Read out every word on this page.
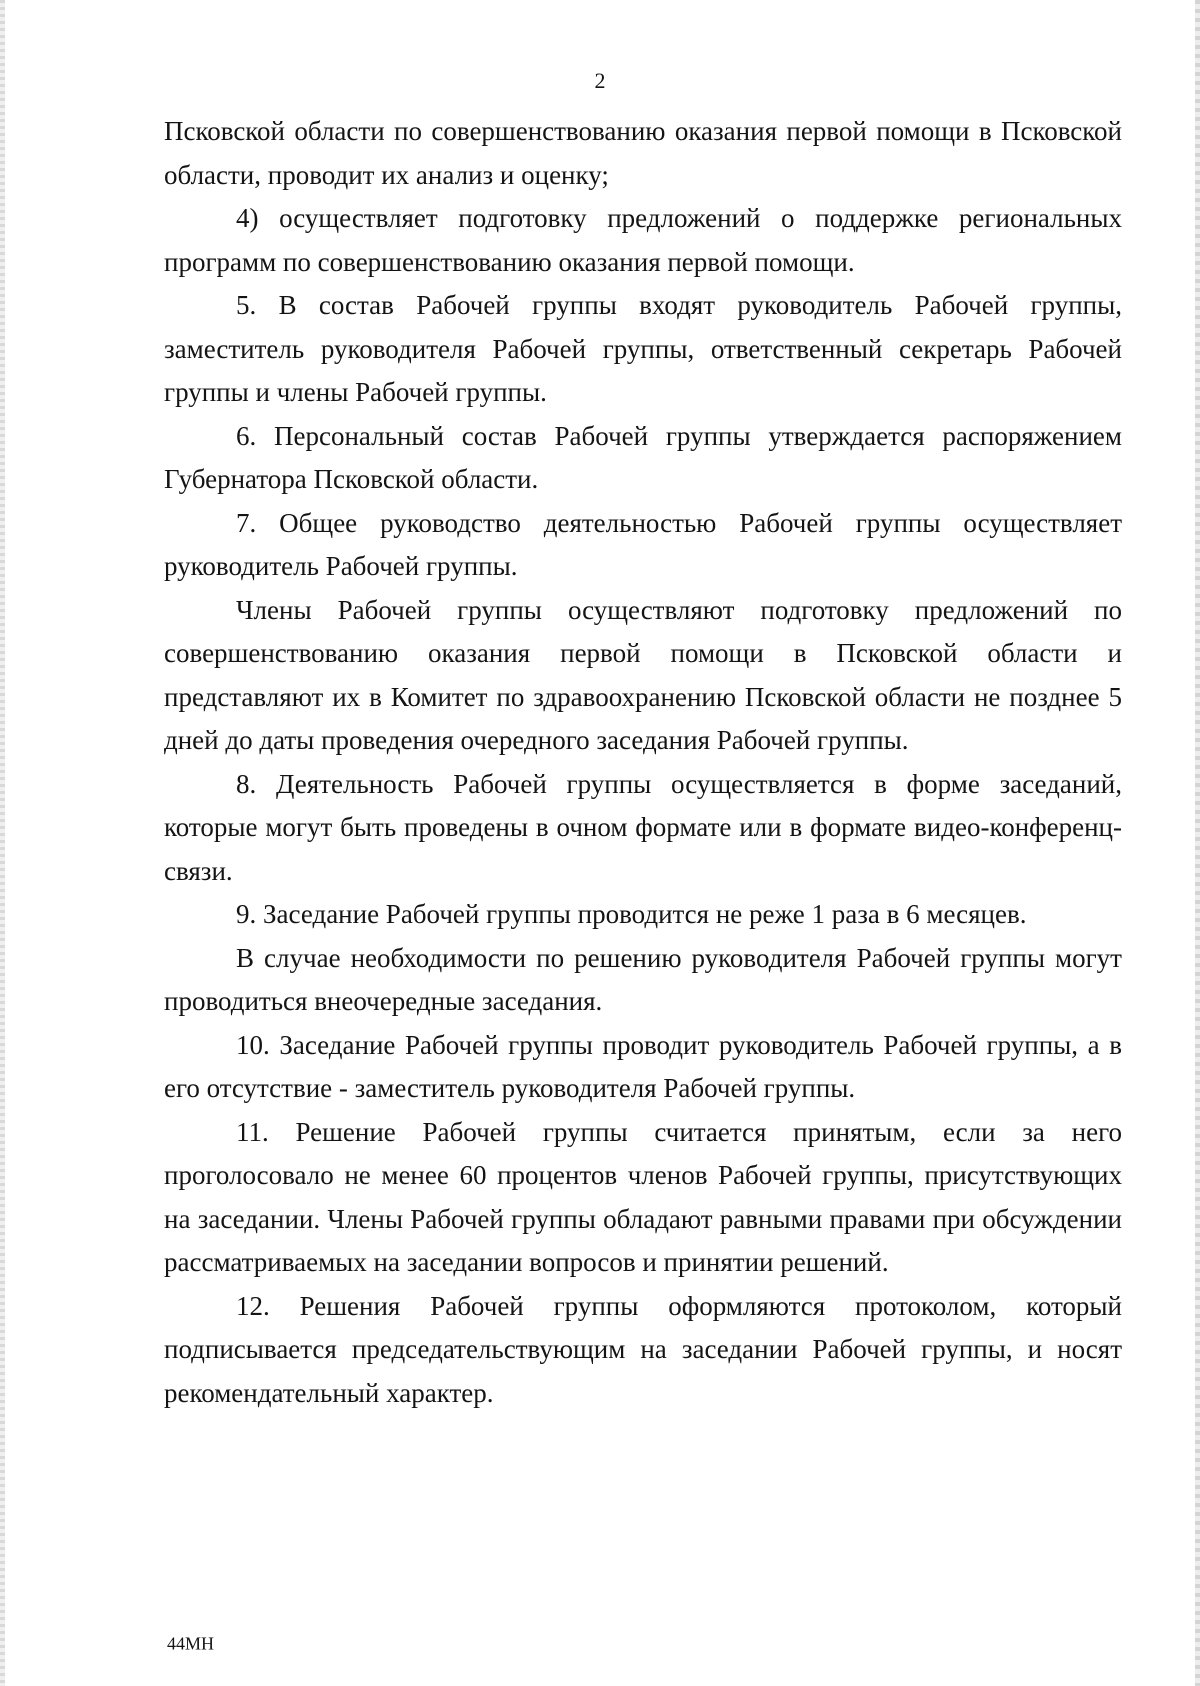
2

Псковской области по совершенствованию оказания первой помощи в Псковской области, проводит их анализ и оценку;

4) осуществляет подготовку предложений о поддержке региональных программ по совершенствованию оказания первой помощи.

5. В состав Рабочей группы входят руководитель Рабочей группы, заместитель руководителя Рабочей группы, ответственный секретарь Рабочей группы и члены Рабочей группы.

6. Персональный состав Рабочей группы утверждается распоряжением Губернатора Псковской области.

7. Общее руководство деятельностью Рабочей группы осуществляет руководитель Рабочей группы.

Члены Рабочей группы осуществляют подготовку предложений по совершенствованию оказания первой помощи в Псковской области и представляют их в Комитет по здравоохранению Псковской области не позднее 5 дней до даты проведения очередного заседания Рабочей группы.

8. Деятельность Рабочей группы осуществляется в форме заседаний, которые могут быть проведены в очном формате или в формате видео-конференц-связи.

9. Заседание Рабочей группы проводится не реже 1 раза в 6 месяцев.

В случае необходимости по решению руководителя Рабочей группы могут проводиться внеочередные заседания.

10. Заседание Рабочей группы проводит руководитель Рабочей группы, а в его отсутствие - заместитель руководителя Рабочей группы.

11. Решение Рабочей группы считается принятым, если за него проголосовало не менее 60 процентов членов Рабочей группы, присутствующих на заседании. Члены Рабочей группы обладают равными правами при обсуждении рассматриваемых на заседании вопросов и принятии решений.

12. Решения Рабочей группы оформляются протоколом, который подписывается председательствующим на заседании Рабочей группы, и носят рекомендательный характер.

44МН
